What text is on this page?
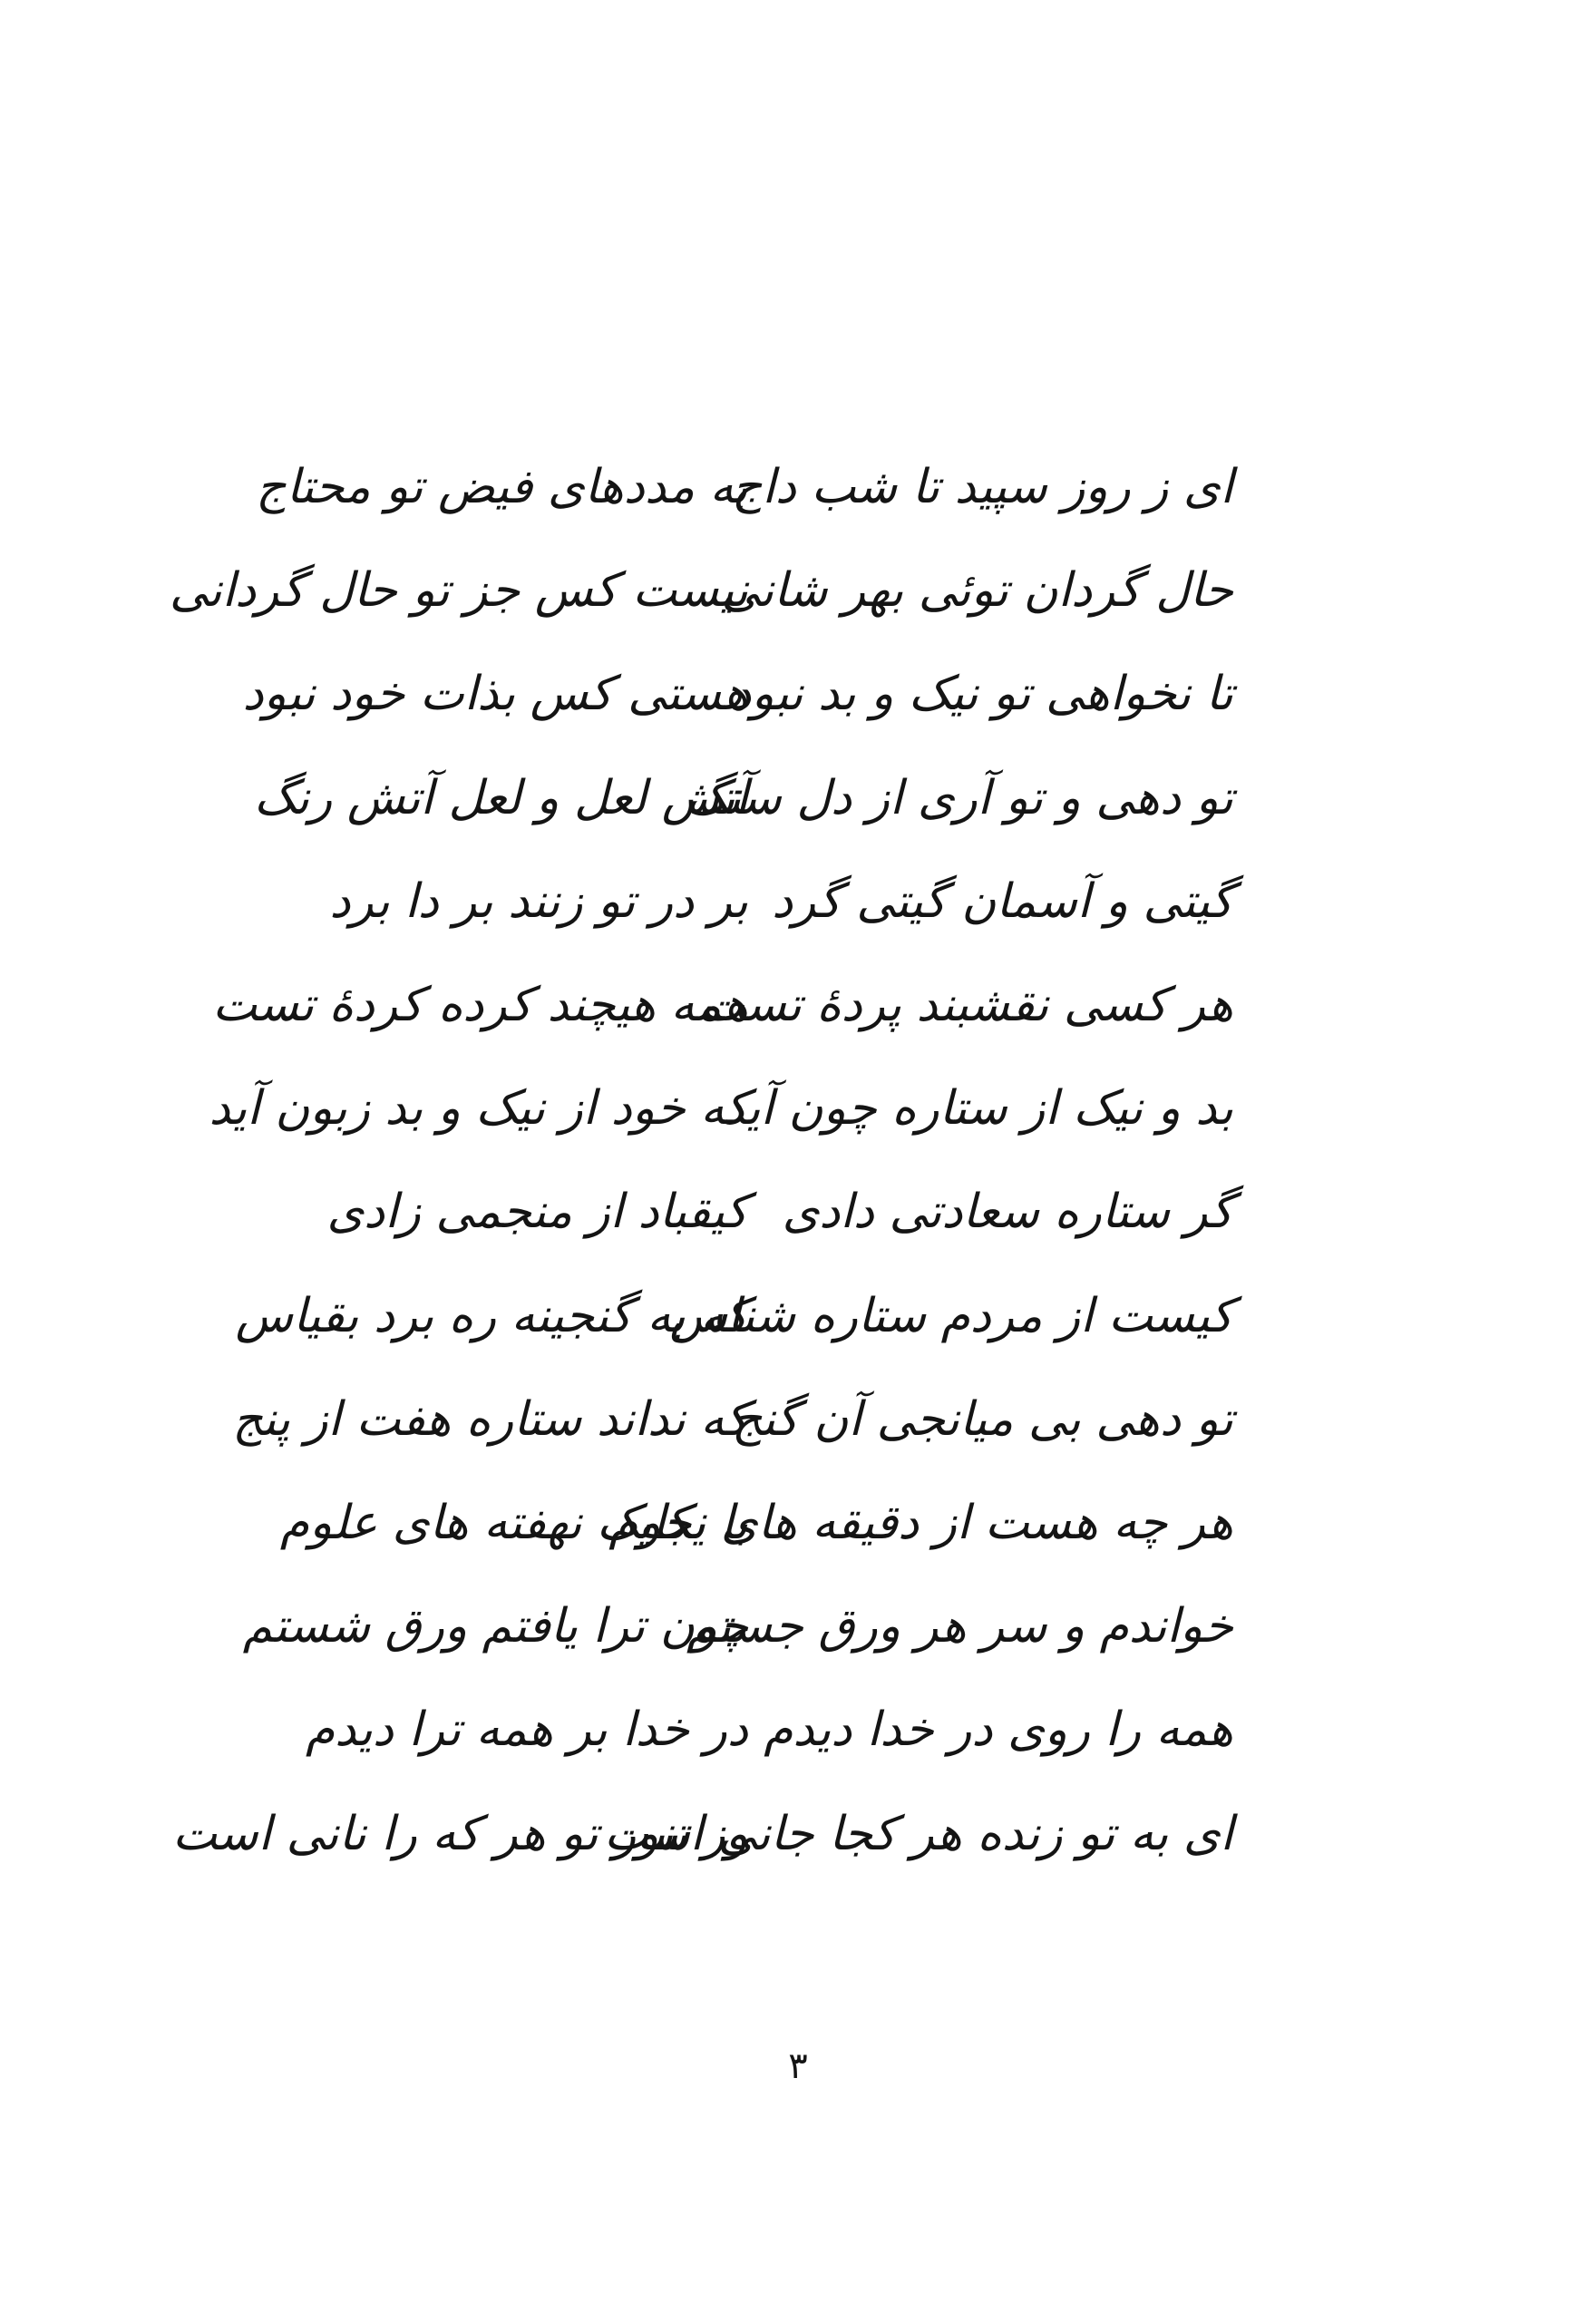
ای ز روز سپید تا شب داج
به مددهای فیض تو محتاج
حال گردان توئی بهر شانی
نیست کس جز تو حال گردانی
تا نخواهی تو نیک و بد نبود
هستی کس بذات خود نبود
تو دهی و تو آری از دل سنگ
آتش لعل و لعل آتش رنگ
گیتی و آسمان گیتی گرد
بر در تو زنند بر دا برد
هر کسی نقشبند پردهٔ تست
همه هیچند کرده کردهٔ تست
بد و نیک از ستاره چون آید
که خود از نیک و بد زبون آید
گر ستاره سعادتی دادی
کیقباد از منجمی زادی
کیست از مردم ستاره شناس
که به گنجینه ره برد بقیاس
تو دهی بی میانجی آن گنج
که نداند ستاره هفت از پنج
هر چه هست از دقیقه های نجوم
با یکایک نهفته های علوم
خواندم و سر هر ورق جستم
چون ترا یافتم ورق شستم
همه را روی در خدا دیدم
در خدا بر همه ترا دیدم
ای به تو زنده هر کجا جانی است
وز تنور تو هر که را نانی است
۳
